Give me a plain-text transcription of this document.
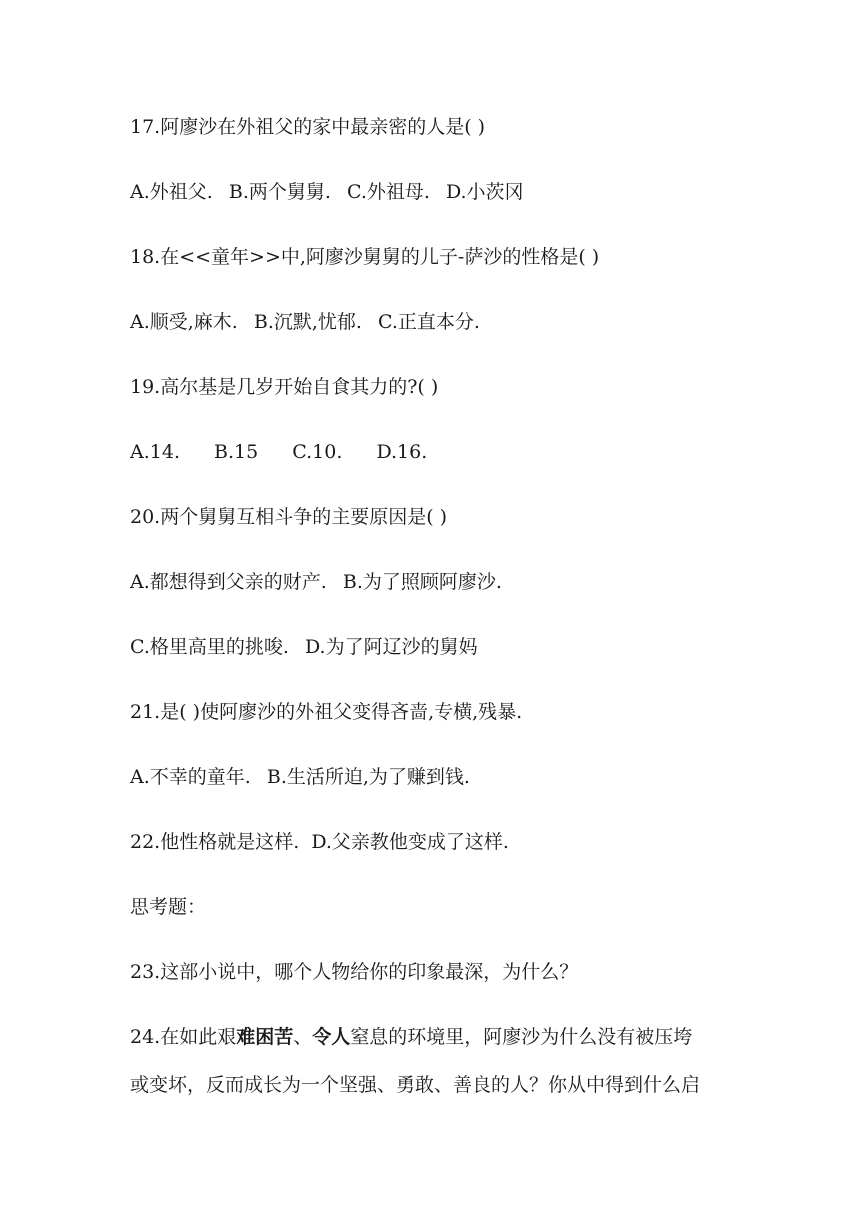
17.阿廖沙在外祖父的家中最亲密的人是( )
A.外祖父. B.两个舅舅. C.外祖母. D.小茨冈
18.在<<童年>>中,阿廖沙舅舅的儿子-萨沙的性格是( )
A.顺受,麻木. B.沉默,忧郁. C.正直本分.
19.高尔基是几岁开始自食其力的?( )
A.14. B.15 C.10. D.16.
20.两个舅舅互相斗争的主要原因是( )
A.都想得到父亲的财产. B.为了照顾阿廖沙.
C.格里高里的挑唆. D.为了阿辽沙的舅妈
21.是( )使阿廖沙的外祖父变得吝啬,专横,残暴.
A.不幸的童年. B.生活所迫,为了赚到钱.
22.他性格就是这样.  D.父亲教他变成了这样.
思考题：
23.这部小说中，哪个人物给你的印象最深，为什么？
24.在如此艰难困苦、令人窒息的环境里，阿廖沙为什么没有被压垮
或变坏，反而成长为一个坚强、勇敢、善良的人？你从中得到什么启
